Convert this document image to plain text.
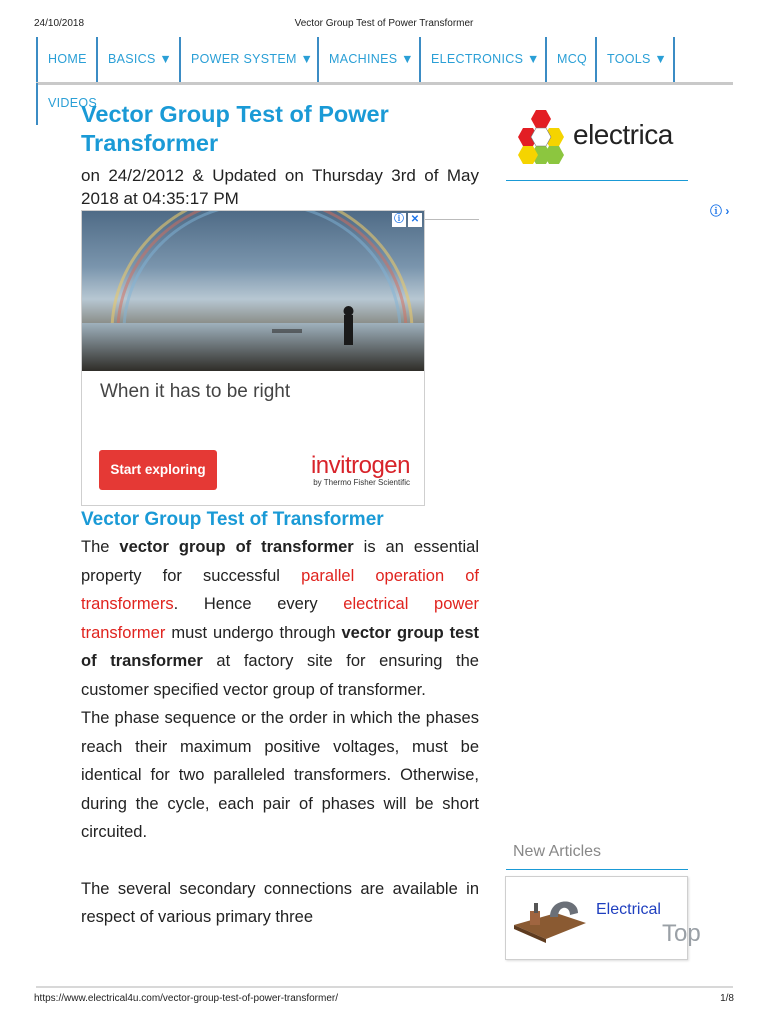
24/10/2018	Vector Group Test of Power Transformer
HOME	BASICS ▼	POWER SYSTEM ▼	MACHINES ▼	ELECTRONICS ▼	MCQ	TOOLS ▼
VIDEOS
Vector Group Test of Power Transformer
on 24/2/2012 & Updated on Thursday 3rd of May 2018 at 04:35:17 PM
ⓘ ✕
When it has to be right
Start exploring	invitrogen
by Thermo Fisher Scientific
Vector Group Test of Transformer

The vector group of transformer is an essential property for successful parallel operation of transformers. Hence every electrical power transformer must undergo through vector group test of transformer at factory site for ensuring the customer specified vector group of transformer.

The phase sequence or the order in which the phases reach their maximum positive voltages, must be identical for two paralleled transformers. Otherwise, during the cycle, each pair of phases will be short circuited.

The several secondary connections are available in respect of various primary three

electrica
ⓘ ›
New Articles
Electrical
Top
https://www.electrical4u.com/vector-group-test-of-power-transformer/	1/8
